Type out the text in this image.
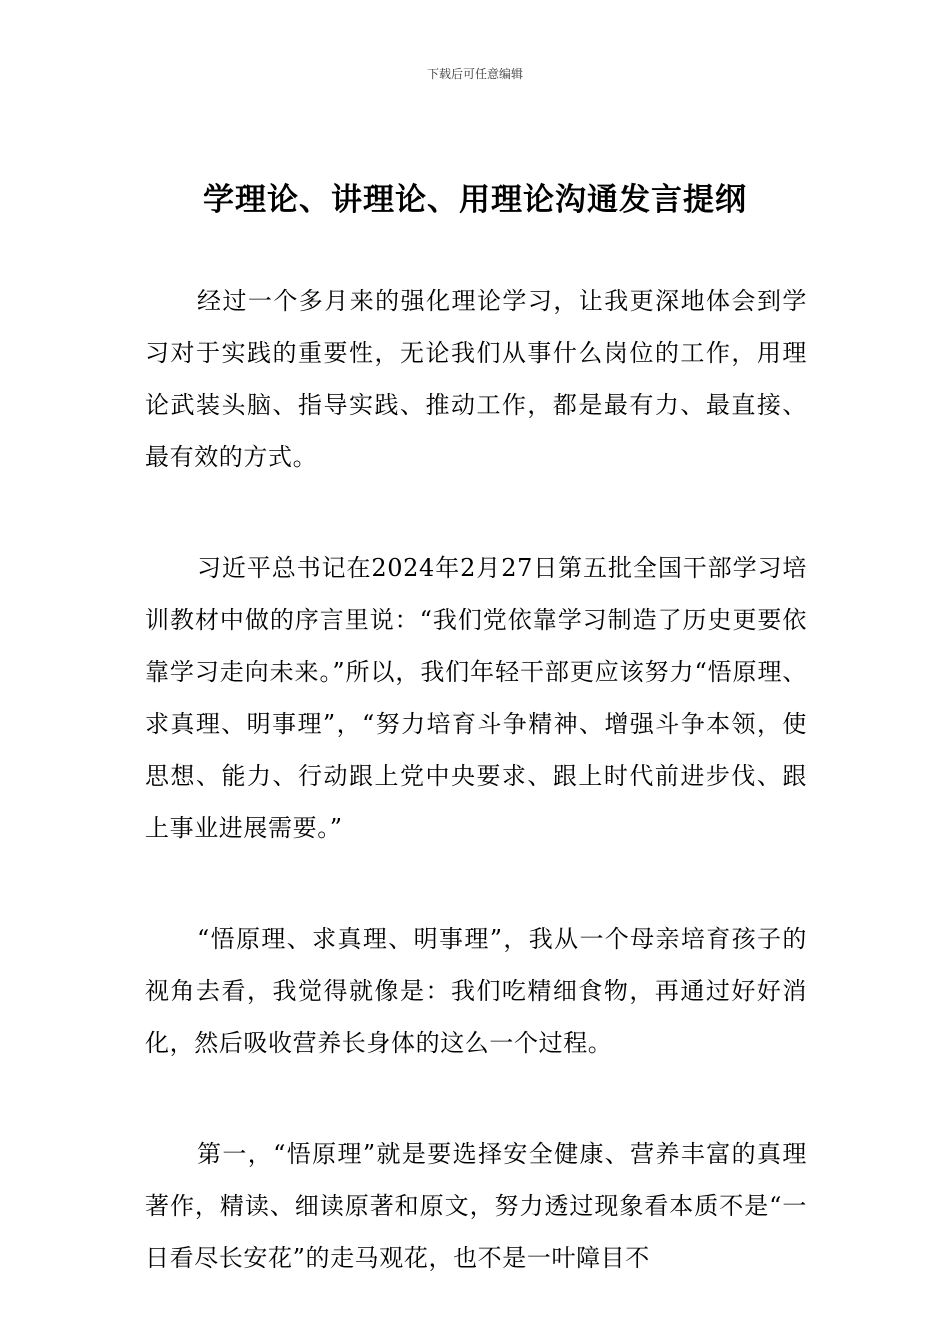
下载后可任意编辑
学理论、讲理论、用理论沟通发言提纲

经过一个多月来的强化理论学习，让我更深地体会到学习对于实践的重要性，无论我们从事什么岗位的工作，用理论武装头脑、指导实践、推动工作，都是最有力、最直接、最有效的方式。

习近平总书记在2024年2月27日第五批全国干部学习培训教材中做的序言里说：“我们党依靠学习制造了历史更要依靠学习走向未来。”所以，我们年轻干部更应该努力“悟原理、求真理、明事理”，“努力培育斗争精神、增强斗争本领，使思想、能力、行动跟上党中央要求、跟上时代前进步伐、跟上事业进展需要。”

“悟原理、求真理、明事理”，我从一个母亲培育孩子的视角去看，我觉得就像是：我们吃精细食物，再通过好好消化，然后吸收营养长身体的这么一个过程。

第一，“悟原理”就是要选择安全健康、营养丰富的真理著作，精读、细读原著和原文，努力透过现象看本质不是“一日看尽长安花”的走马观花，也不是一叶障目不
